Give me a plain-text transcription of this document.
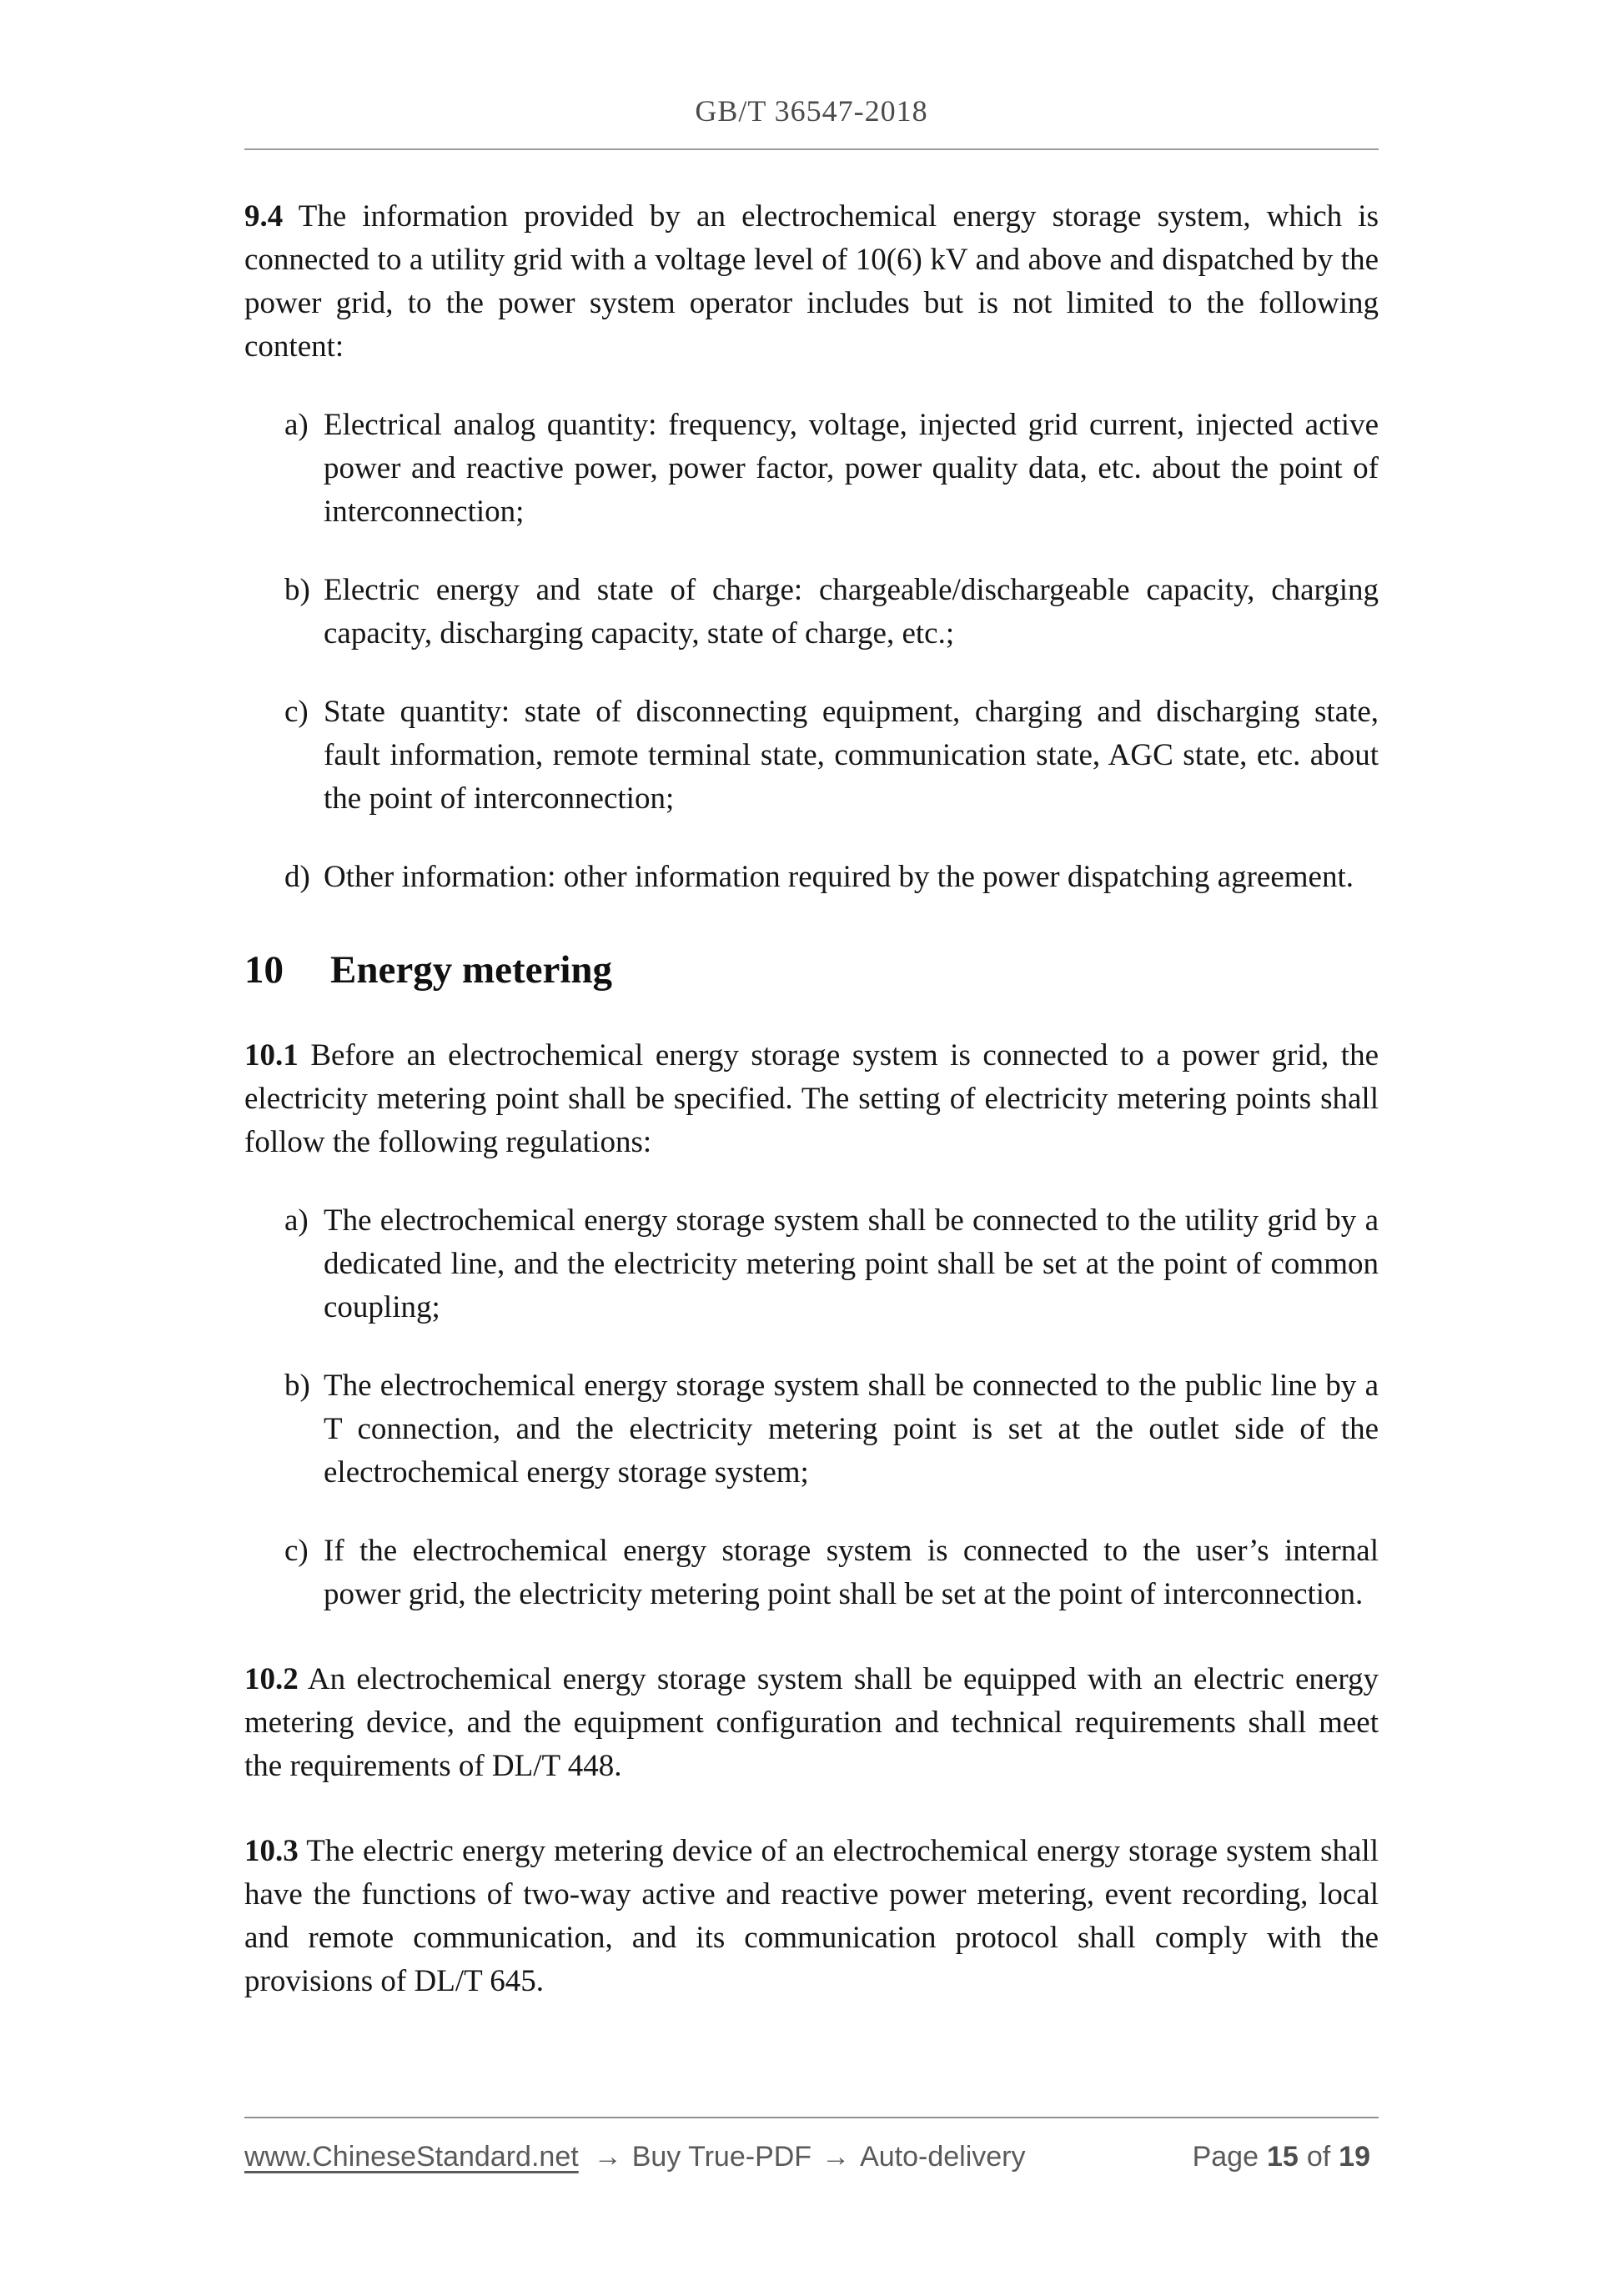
GB/T 36547-2018
9.4 The information provided by an electrochemical energy storage system, which is connected to a utility grid with a voltage level of 10(6) kV and above and dispatched by the power grid, to the power system operator includes but is not limited to the following content:
a) Electrical analog quantity: frequency, voltage, injected grid current, injected active power and reactive power, power factor, power quality data, etc. about the point of interconnection;
b) Electric energy and state of charge: chargeable/dischargeable capacity, charging capacity, discharging capacity, state of charge, etc.;
c) State quantity: state of disconnecting equipment, charging and discharging state, fault information, remote terminal state, communication state, AGC state, etc. about the point of interconnection;
d) Other information: other information required by the power dispatching agreement.
10 Energy metering
10.1 Before an electrochemical energy storage system is connected to a power grid, the electricity metering point shall be specified. The setting of electricity metering points shall follow the following regulations:
a) The electrochemical energy storage system shall be connected to the utility grid by a dedicated line, and the electricity metering point shall be set at the point of common coupling;
b) The electrochemical energy storage system shall be connected to the public line by a T connection, and the electricity metering point is set at the outlet side of the electrochemical energy storage system;
c) If the electrochemical energy storage system is connected to the user’s internal power grid, the electricity metering point shall be set at the point of interconnection.
10.2 An electrochemical energy storage system shall be equipped with an electric energy metering device, and the equipment configuration and technical requirements shall meet the requirements of DL/T 448.
10.3 The electric energy metering device of an electrochemical energy storage system shall have the functions of two-way active and reactive power metering, event recording, local and remote communication, and its communication protocol shall comply with the provisions of DL/T 645.
www.ChineseStandard.net → Buy True-PDF → Auto-delivery	Page 15 of 19
